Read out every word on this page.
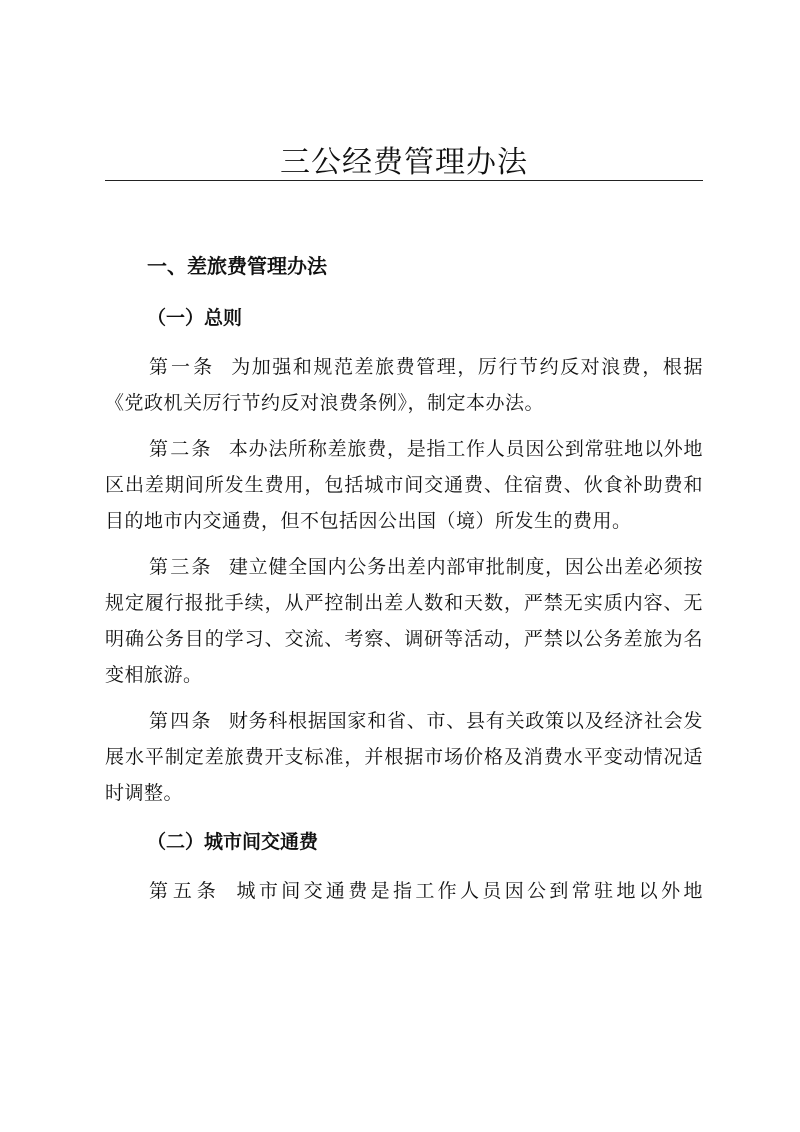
三公经费管理办法
一、差旅费管理办法
（一）总则

第一条 为加强和规范差旅费管理，厉行节约反对浪费，根据《党政机关厉行节约反对浪费条例》，制定本办法。

第二条 本办法所称差旅费，是指工作人员因公到常驻地以外地区出差期间所发生费用，包括城市间交通费、住宿费、伙食补助费和目的地市内交通费，但不包括因公出国（境）所发生的费用。

第三条 建立健全国内公务出差内部审批制度，因公出差必须按规定履行报批手续，从严控制出差人数和天数，严禁无实质内容、无明确公务目的学习、交流、考察、调研等活动，严禁以公务差旅为名变相旅游。

第四条 财务科根据国家和省、市、县有关政策以及经济社会发展水平制定差旅费开支标准，并根据市场价格及消费水平变动情况适时调整。

（二）城市间交通费

第五条 城市间交通费是指工作人员因公到常驻地以外地
